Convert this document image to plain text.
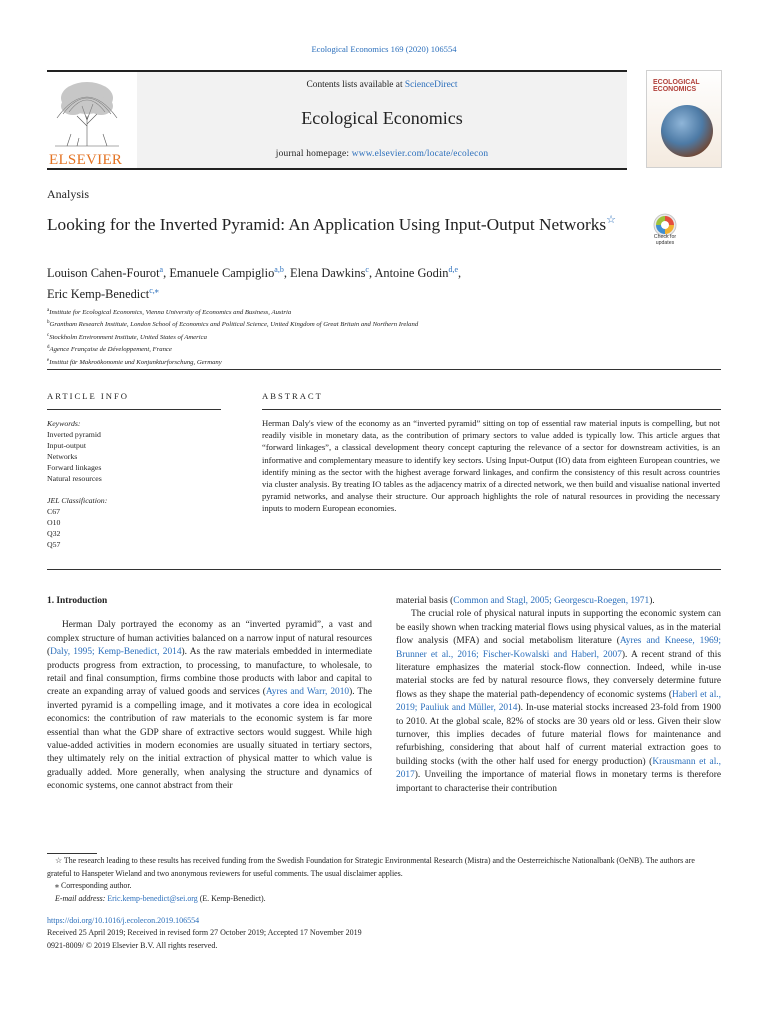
Ecological Economics 169 (2020) 106554
ELSEVIER
Contents lists available at ScienceDirect
Ecological Economics
journal homepage: www.elsevier.com/locate/ecolecon
ECOLOGICAL ECONOMICS
Analysis
Looking for the Inverted Pyramid: An Application Using Input-Output Networks☆
Check for updates
Louison Cahen-Fourot$^a$, Emanuele Campiglio$^{a,b}$, Elena Dawkins$^c$, Antoine Godin$^{d,e}$,
Eric Kemp-Benedict$^{c,⁎}$
$^a$Institute for Ecological Economics, Vienna University of Economics and Business, Austria
$^b$Grantham Research Institute, London School of Economics and Political Science, United Kingdom of Great Britain and Northern Ireland
$^c$Stockholm Environment Institute, United States of America
$^d$Agence Française de Développement, France
$^e$Institut für Makroökonomie und Konjunkturforschung, Germany
ARTICLE INFO	ABSTRACT
Keywords:
Inverted pyramid
Input-output
Networks
Forward linkages
Natural resources
JEL Classification:
C67
O10
Q32
Q57
Herman Daly's view of the economy as an “inverted pyramid” sitting on top of essential raw material inputs is compelling, but not readily visible in monetary data, as the contribution of primary sectors to value added is typically low. This article argues that “forward linkages”, a classical development theory concept capturing the relevance of a sector for downstream activities, is an informative and complementary measure to identify key sectors. Using Input-Output (IO) data from eighteen European countries, we identify mining as the sector with the highest average forward linkages, and confirm the consistency of this result across countries via cluster analysis. By treating IO tables as the adjacency matrix of a directed network, we then build and visualise national inverted pyramid networks, and analyse their structure. Our approach highlights the role of natural resources in providing the necessary inputs to modern European economies.
1. Introduction

Herman Daly portrayed the economy as an “inverted pyramid”, a vast and complex structure of human activities balanced on a narrow input of natural resources (Daly, 1995; Kemp-Benedict, 2014). As the raw materials embedded in intermediate products progress from extraction, to processing, to manufacture, to wholesale, to retail and final consumption, firms combine those products with labor and capital to create an expanding array of valued goods and services (Ayres and Warr, 2010). The inverted pyramid is a compelling image, and it motivates a core idea in ecological economics: the contribution of raw materials to the economic system is far more essential than what the GDP share of extractive sectors would suggest. While high value-added activities in modern economies are usually situated in tertiary sectors, they ultimately rely on the initial extraction of physical matter to which value is gradually added. More generally, when analysing the structure and dynamics of economic systems, one cannot abstract from their

material basis (Common and Stagl, 2005; Georgescu-Roegen, 1971).

The crucial role of physical natural inputs in supporting the economic system can be easily shown when tracking material flows using physical values, as in the material flow analysis (MFA) and social metabolism literature (Ayres and Kneese, 1969; Brunner et al., 2016; Fischer-Kowalski and Haberl, 2007). A recent strand of this literature emphasizes the material stock-flow connection. Indeed, while in-use material stocks are fed by natural resource flows, they conversely determine future flows as they shape the material path-dependency of economic systems (Haberl et al., 2019; Pauliuk and Müller, 2014). In-use material stocks increased 23-fold from 1900 to 2010. At the global scale, 82% of stocks are 30 years old or less. Given their slow turnover, this implies decades of future material flows for maintenance and refurbishing, considering that about half of current material extraction goes to building stocks (with the other half used for energy production) (Krausmann et al., 2017). Unveiling the importance of material flows in monetary terms is therefore important to characterise their contribution

☆ The research leading to these results has received funding from the Swedish Foundation for Strategic Environmental Research (Mistra) and the Oesterreichische Nationalbank (OeNB). The authors are grateful to Hanspeter Wieland and two anonymous reviewers for useful comments. The usual disclaimer applies.
⁎ Corresponding author.
E-mail address: Eric.kemp-benedict@sei.org (E. Kemp-Benedict).
https://doi.org/10.1016/j.ecolecon.2019.106554
Received 25 April 2019; Received in revised form 27 October 2019; Accepted 17 November 2019
0921-8009/ © 2019 Elsevier B.V. All rights reserved.
